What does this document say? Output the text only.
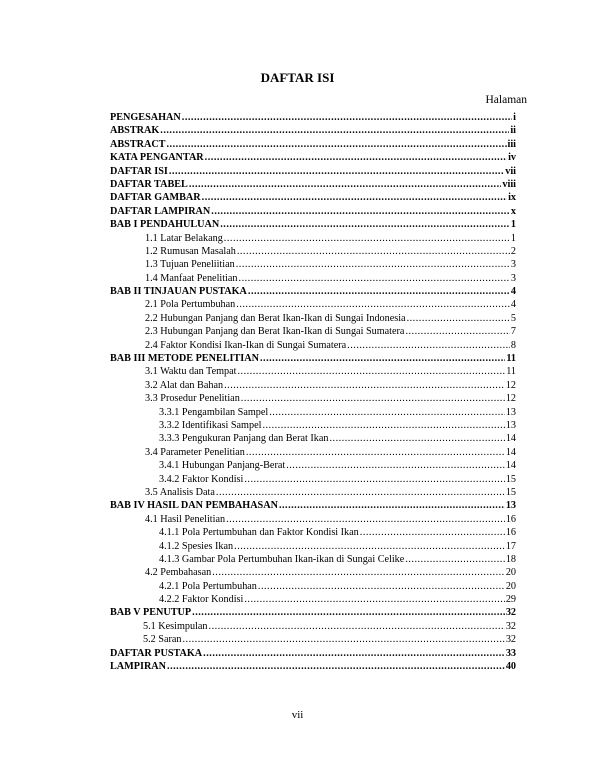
DAFTAR ISI
Halaman
PENGESAHAN .....	i
ABSTRAK .....	ii
ABSTRACT .....	iii
KATA PENGANTAR .....	iv
DAFTAR ISI .....	vii
DAFTAR TABEL .....	viii
DAFTAR GAMBAR .....	ix
DAFTAR LAMPIRAN .....	x
BAB I PENDAHULUAN .....	1
1.1 Latar Belakang .....	1
1.2 Rumusan Masalah .....	2
1.3 Tujuan Peneliitian .....	3
1.4 Manfaat Penelitian .....	3
BAB II TINJAUAN PUSTAKA .....	4
2.1 Pola Pertumbuhan .....	4
2.2 Hubungan Panjang dan Berat Ikan-Ikan di Sungai Indonesia .....	5
2.3 Hubungan Panjang dan Berat Ikan-Ikan di Sungai Sumatera .....	7
2.4 Faktor Kondisi Ikan-Ikan di Sungai Sumatera .....	8
BAB III METODE PENELITIAN .....	11
3.1 Waktu dan Tempat .....	11
3.2 Alat dan Bahan .....	12
3.3 Prosedur Penelitian .....	12
3.3.1 Pengambilan Sampel .....	13
3.3.2 Identifikasi Sampel .....	13
3.3.3 Pengukuran Panjang dan Berat Ikan .....	14
3.4 Parameter Penelitian .....	14
3.4.1 Hubungan Panjang-Berat .....	14
3.4.2 Faktor Kondisi .....	15
3.5 Analisis Data .....	15
BAB IV HASIL DAN PEMBAHASAN .....	13
4.1 Hasil Penelitian .....	16
4.1.1 Pola Pertumbuhan dan Faktor Kondisi Ikan .....	16
4.1.2 Spesies Ikan .....	17
4.1.3 Gambar Pola Pertumbuhan Ikan-ikan di Sungai Celike .....	18
4.2 Pembahasan .....	20
4.2.1 Pola Pertumbuhan .....	20
4.2.2 Faktor Kondisi .....	29
BAB V PENUTUP .....	32
5.1 Kesimpulan .....	32
5.2 Saran .....	32
DAFTAR PUSTAKA .....	33
LAMPIRAN .....	40
vii
